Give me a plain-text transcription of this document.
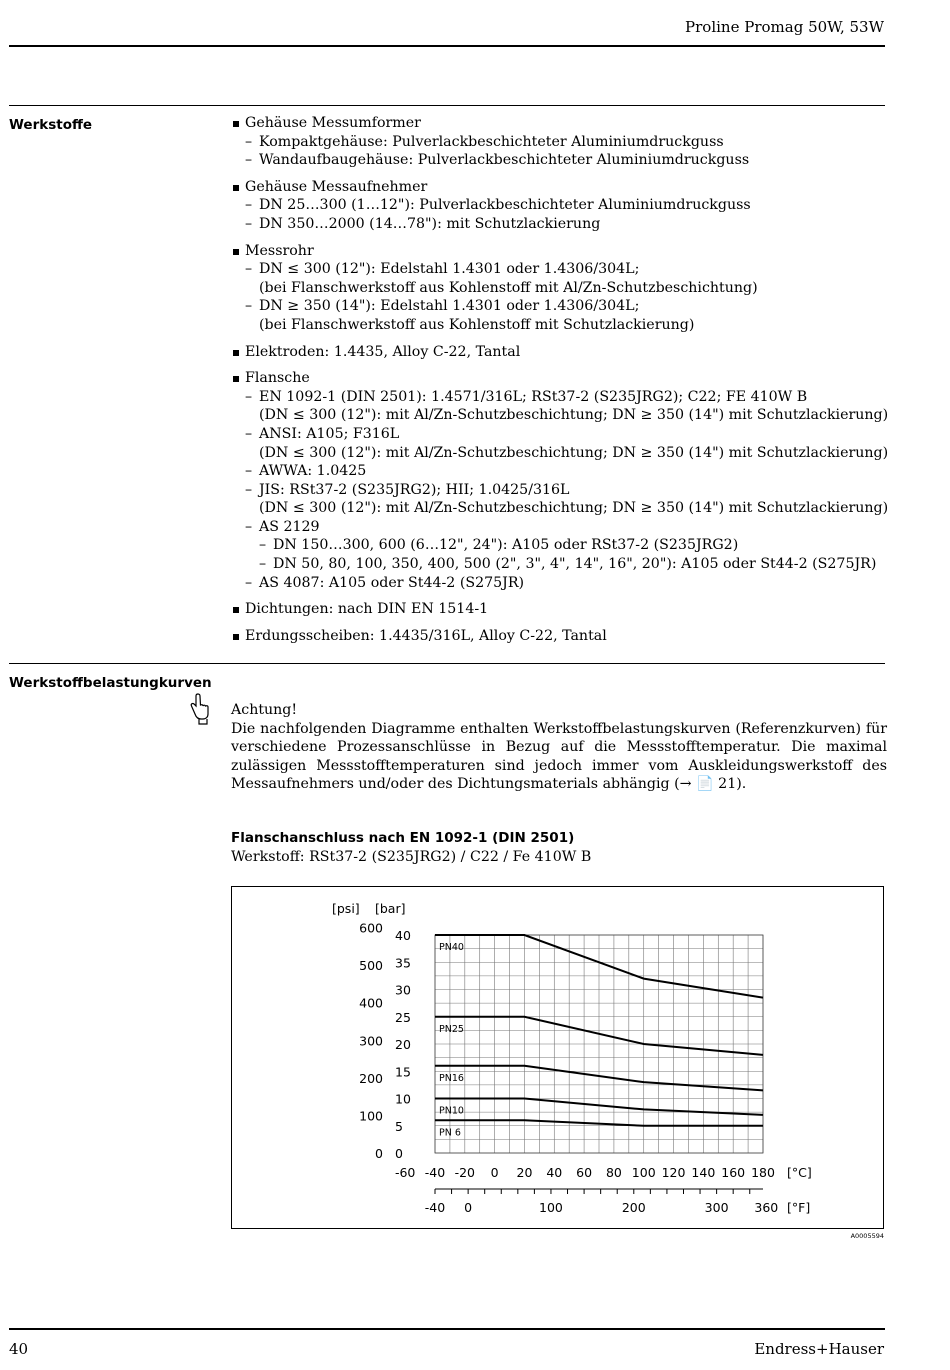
Proline Promag 50W, 53W
Werkstoffe	Gehäuse Messumformer
– Kompaktgehäuse: Pulverlackbeschichteter Aluminiumdruckguss
– Wandaufbaugehäuse: Pulverlackbeschichteter Aluminiumdruckguss
Gehäuse Messaufnehmer
– DN 25…300 (1…12"): Pulverlackbeschichteter Aluminiumdruckguss
– DN 350…2000 (14…78"): mit Schutzlackierung
Messrohr
– DN ≤ 300 (12"): Edelstahl 1.4301 oder 1.4306/304L;
(bei Flanschwerkstoff aus Kohlenstoff mit Al/Zn-Schutzbeschichtung)
– DN ≥ 350 (14"): Edelstahl 1.4301 oder 1.4306/304L;
(bei Flanschwerkstoff aus Kohlenstoff mit Schutzlackierung)
Elektroden: 1.4435, Alloy C-22, Tantal
Flansche
– EN 1092-1 (DIN 2501): 1.4571/316L; RSt37-2 (S235JRG2); C22; FE 410W B
(DN ≤ 300 (12"): mit Al/Zn-Schutzbeschichtung; DN ≥ 350 (14") mit Schutzlackierung)
– ANSI: A105; F316L
(DN ≤ 300 (12"): mit Al/Zn-Schutzbeschichtung; DN ≥ 350 (14") mit Schutzlackierung)
– AWWA: 1.0425
– JIS: RSt37-2 (S235JRG2); HII; 1.0425/316L
(DN ≤ 300 (12"): mit Al/Zn-Schutzbeschichtung; DN ≥ 350 (14") mit Schutzlackierung)
– AS 2129
– DN 150…300, 600 (6…12", 24"): A105 oder RSt37-2 (S235JRG2)
– DN 50, 80, 100, 350, 400, 500 (2", 3", 4", 14", 16", 20"): A105 oder St44-2 (S275JR)
– AS 4087: A105 oder St44-2 (S275JR)
Dichtungen: nach DIN EN 1514-1
Erdungsscheiben: 1.4435/316L, Alloy C-22, Tantal
Werkstoffbelastungkurven

Achtung!

Die nachfolgenden Diagramme enthalten Werkstoffbelastungskurven (Referenzkurven) für verschiedene Prozessanschlüsse in Bezug auf die Messstofftemperatur. Die maximal zulässigen Messstofftemperaturen sind jedoch immer vom Auskleidungswerkstoff des Messaufnehmers und/oder des Dichtungsmaterials abhängig (→ 📄 21).

Flanschanschluss nach EN 1092-1 (DIN 2501)
Werkstoff: RSt37-2 (S235JRG2) / C22 / Fe 410W B
0
5
10
15
20
25
30
35
40
0
100
200
300
400
500
600
[bar]
[psi]
-60 -40 -20 0 20 40 60 80 100 120 140 160 180 [°C]
-40 0	100	200	300 360 [°F]
PN40
PN25
PN16
PN10
PN 6
A0005594
40	Endress+Hauser
